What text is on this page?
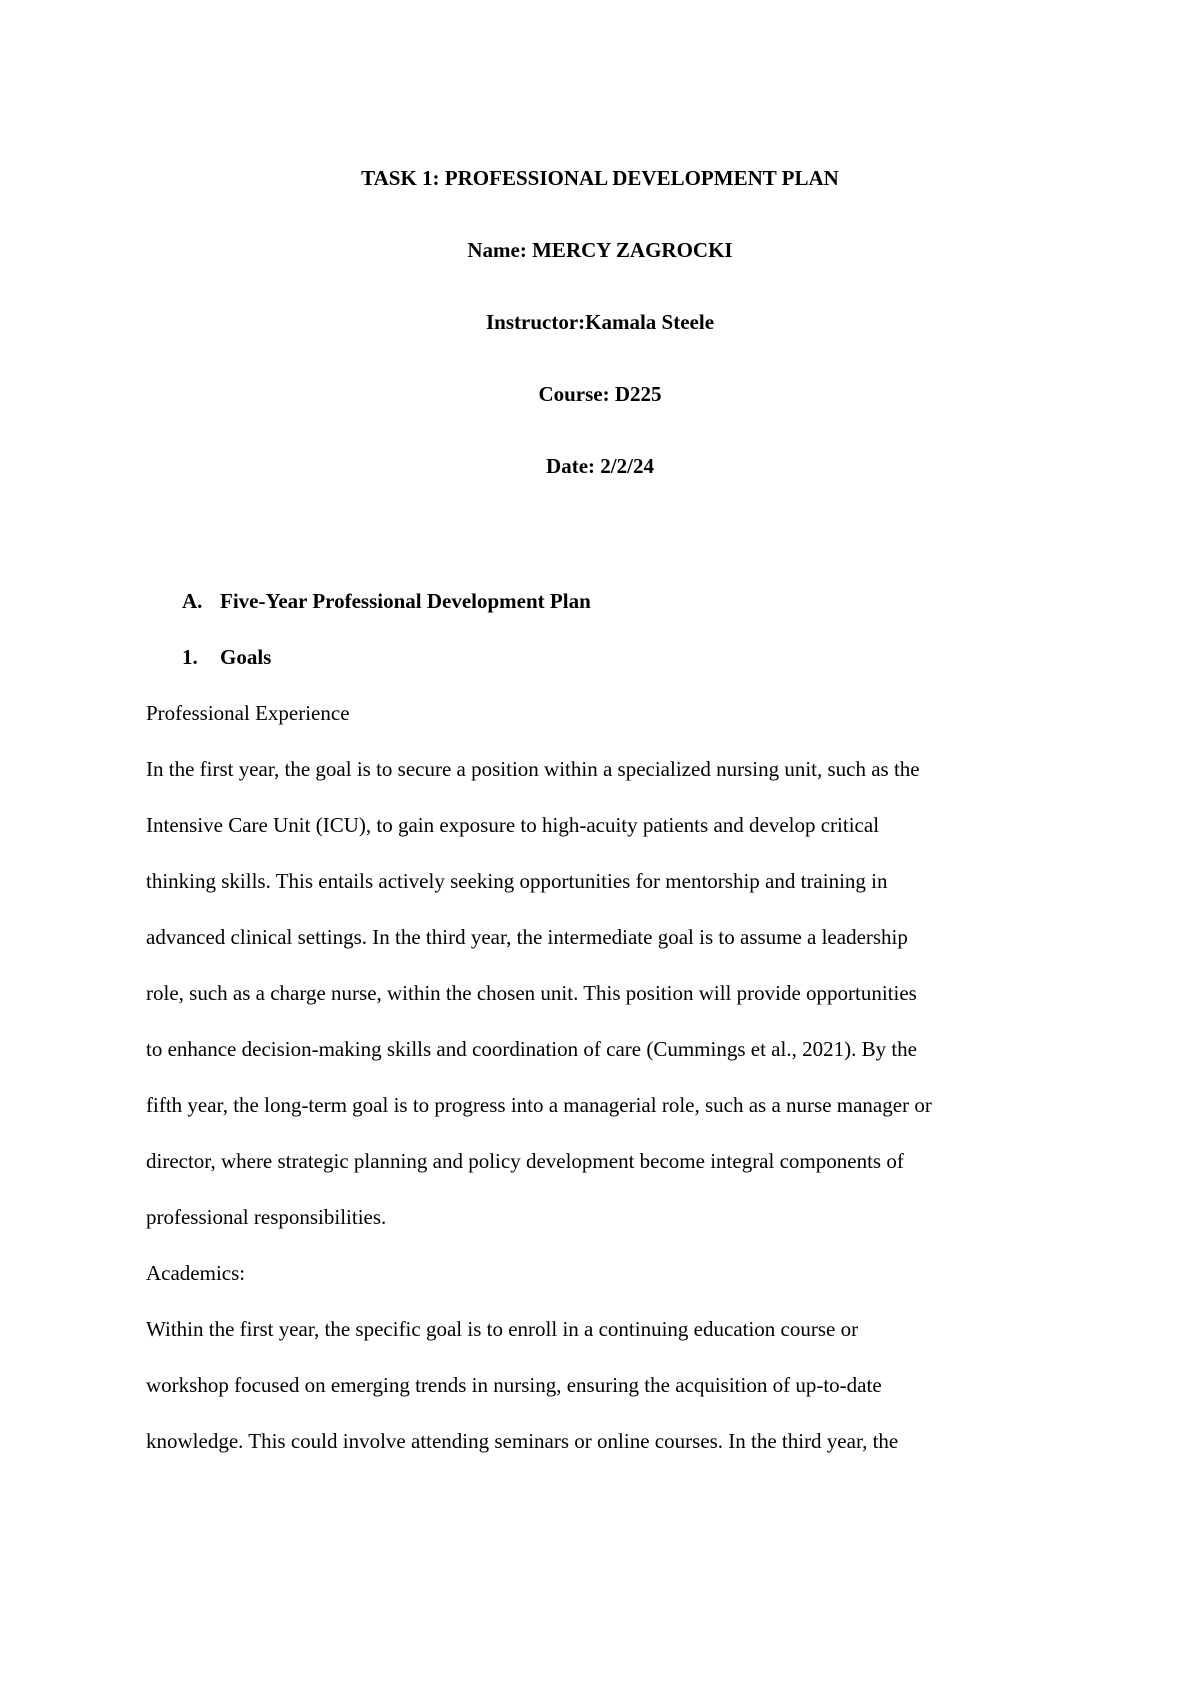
TASK 1: PROFESSIONAL DEVELOPMENT PLAN
Name: MERCY ZAGROCKI
Instructor:Kamala Steele
Course: D225
Date: 2/2/24
A. Five-Year Professional Development Plan
1. Goals
Professional Experience
In the first year, the goal is to secure a position within a specialized nursing unit, such as the
Intensive Care Unit (ICU), to gain exposure to high-acuity patients and develop critical
thinking skills. This entails actively seeking opportunities for mentorship and training in
advanced clinical settings. In the third year, the intermediate goal is to assume a leadership
role, such as a charge nurse, within the chosen unit. This position will provide opportunities
to enhance decision-making skills and coordination of care (Cummings et al., 2021). By the
fifth year, the long-term goal is to progress into a managerial role, such as a nurse manager or
director, where strategic planning and policy development become integral components of
professional responsibilities.
Academics:
Within the first year, the specific goal is to enroll in a continuing education course or
workshop focused on emerging trends in nursing, ensuring the acquisition of up-to-date
knowledge. This could involve attending seminars or online courses. In the third year, the
